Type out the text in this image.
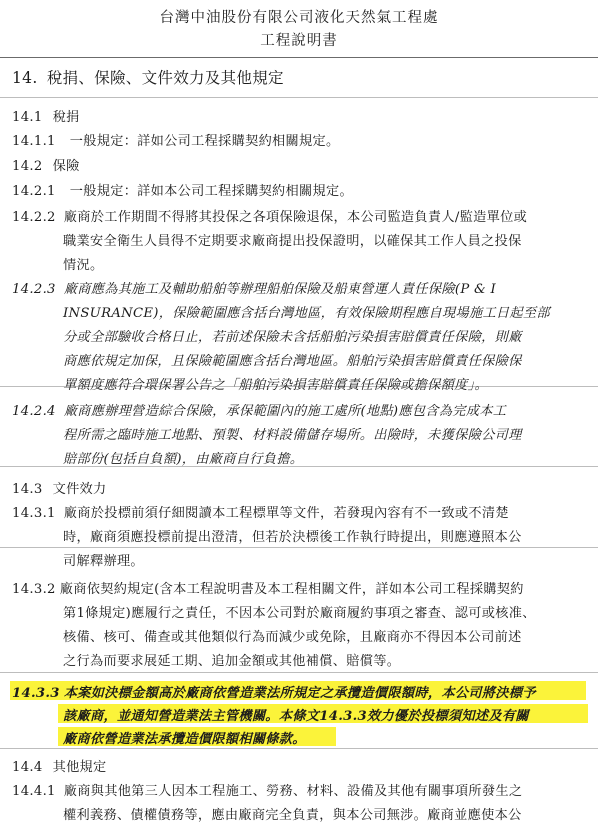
台灣中油股份有限公司液化天然氣工程處
工程說明書
14. 稅捐、保險、文件效力及其他規定
14.1 稅捐
14.1.1 一般規定：詳如公司工程採購契約相關規定。
14.2 保險
14.2.1 一般規定：詳如本公司工程採購契約相關規定。
14.2.2 廠商於工作期間不得將其投保之各項保險退保，本公司監造負責人/監造單位或
職業安全衛生人員得不定期要求廠商提出投保證明，以確保其工作人員之投保
情況。
14.2.3 廠商應為其施工及輔助船舶等辦理船舶保險及船東營運人責任保險(P & I
INSURANCE)，保險範圍應含括台灣地區，有效保險期程應自現場施工日起至部
分或全部驗收合格日止，若前述保險未含括船舶污染損害賠償責任保險，則廠
商應依規定加保，且保險範圍應含括台灣地區。船舶污染損害賠償責任保險保
單額度應符合環保署公告之「船舶污染損害賠償責任保險或擔保額度」。
14.2.4 廠商應辦理營造綜合保險，承保範圍內的施工處所(地點)應包含為完成本工
程所需之臨時施工地點、預製、材料設備儲存場所。出險時，未獲保險公司理
賠部份(包括自負額)，由廠商自行負擔。
14.3 文件效力
14.3.1 廠商於投標前須仔細閱讀本工程標單等文件，若發現內容有不一致或不清楚
時，廠商須應投標前提出澄清，但若於決標後工作執行時提出，則應遵照本公
司解釋辦理。
14.3.2 廠商依契約規定(含本工程說明書及本工程相關文件，詳如本公司工程採購契約
第1條規定)應履行之責任，不因本公司對於廠商履約事項之審查、認可或核准、
核備、核可、備查或其他類似行為而減少或免除，且廠商亦不得因本公司前述
之行為而要求展延工期、追加金額或其他補償、賠償等。
14.3.3 本案如決標金額高於廠商依營造業法所規定之承攬造價限額時，本公司將決標予
該廠商，並通知營造業法主管機關。本條文14.3.3效力優於投標須知述及有關
廠商依營造業法承攬造價限額相關條款。
14.4 其他規定
14.4.1 廠商與其他第三人因本工程施工、勞務、材料、設備及其他有關事項所發生之
權利義務、債權債務等，應由廠商完全負責，與本公司無涉。廠商並應使本公
